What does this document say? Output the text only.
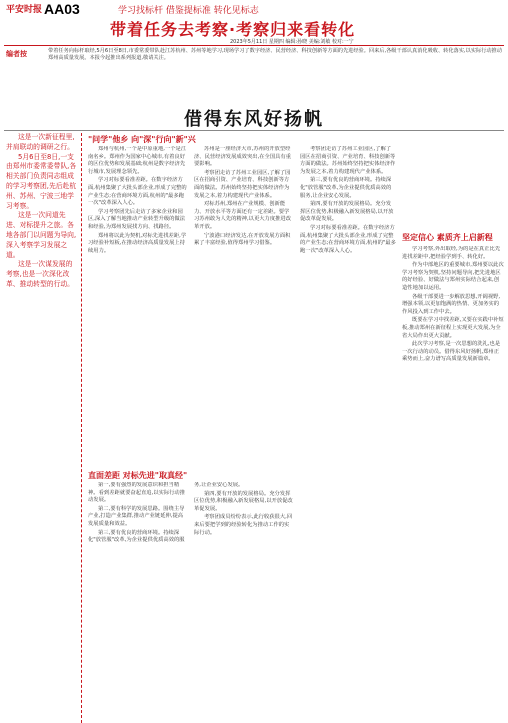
平安时报 AA03	学习找标杆 借鉴提标准 转化见标志
带着任务去考察·考察归来看转化
2023年5月11日 星期四 编辑:孙晓 美编:刘敏 校对:一宁
编者按	带着任务向标杆取经,5月6日至8日,市委常委带队赴江苏杭州、苏州等地学习,现场学习了数字经济、民营经济、科技创新等方面的先进经验。回来后,各级干部认真消化吸收、转化落实,以实际行动推动郑州高质量发展。本报今起推出系列报道,敬请关注。
借得东风好扬帆

这是一次新征程里,并肩联动的调研之行。

5月6日至8日,一支由郑州市委常委带队,各相关部门负责同志组成的学习考察团,先后赴杭州、苏州、宁波三地学习考察。

这是一次问道先进、对标提升之旅。各地各部门以问题为导向,深入考察学习发展之道。

这是一次谋发展的考察,也是一次深化改革、推动转型的行动。

"问学"他乡 向"深"行向"新"兴

郑州与杭州,一个是中原重地,一个是江南名乡。郑州作为国家中心城市,有着良好的区位优势和发展基础;杭州是数字经济先行城市,发展理念领先。

学习对标要看准差距。在数字经济方面,杭州集聚了大批头部企业,形成了完整的产业生态;在营商环境方面,杭州的"最多跑一次"改革深入人心。

学习考察团先后走访了多家企业和园区,深入了解当地推动产业转型升级的做法和经验,为郑州发展找方向、找路径。

郑州将以此为契机,对标先进找差距,学习经验补短板,在推动经济高质量发展上持续用力。

苏州是一座经济大市,苏州的开放型经济、民营经济发展成效突出,在全国具有重要影响。

考察团走访了苏州工业园区,了解了园区在招商引资、产业培育、科技创新等方面的做法。苏州始终坚持把实体经济作为发展之本,着力构建现代产业体系。

对标苏州,郑州在产业规模、创新能力、开放水平等方面还有一定差距。要学习苏州敢为人先的精神,以更大力度推进改革开放。

宁波港口经济发达,在开放发展方面积累了丰富经验,值得郑州学习借鉴。

直面差距 对标先进"取真经"

第一,要有强烈的发展意识和担当精神。看到差距就要奋起直追,以实际行动推动发展。

第二,要有科学的发展思路。围绕主导产业,打造产业集群,推动产业链延伸,提高发展质量和效益。

第三,要有优良的营商环境。持续深化"放管服"改革,为企业提供优质高效的服务,让企业安心发展。

第四,要有开放的发展格局。充分发挥区位优势,积极融入新发展格局,以开放促改革促发展。

考察团成员纷纷表示,此行收获很大,回来后要把学到的经验转化为推动工作的实际行动。

考察团走访了苏州工业园区,了解了园区在招商引资、产业培育、科技创新等方面的做法。苏州始终坚持把实体经济作为发展之本,着力构建现代产业体系。

第三,要有优良的营商环境。持续深化"放管服"改革,为企业提供优质高效的服务,让企业安心发展。

第四,要有开放的发展格局。充分发挥区位优势,积极融入新发展格局,以开放促改革促发展。

学习对标要看准差距。在数字经济方面,杭州集聚了大批头部企业,形成了完整的产业生态;在营商环境方面,杭州的"最多跑一次"改革深入人心。

坚定信心 素质齐上启新程

学习考察,外出取经,为的是在真正比先进找差距中,把经验学到手、转化好。

作为中部地区的重要城市,郑州要以此次学习考察为契机,坚持问题导向,把先进地区的好经验、好做法与郑州实际结合起来,创造性地加以运用。

各级干部要进一步解放思想,开阔视野,增强本领,以更加饱满的热情、更加务实的作风投入到工作中去。

既要在学习中找差距,又要在实践中补短板,推动郑州在新征程上实现更大发展,为全省大局作出更大贡献。

此次学习考察,是一次思想的洗礼,也是一次行动的动员。借得东风好扬帆,郑州正乘势而上,奋力谱写高质量发展新篇章。
